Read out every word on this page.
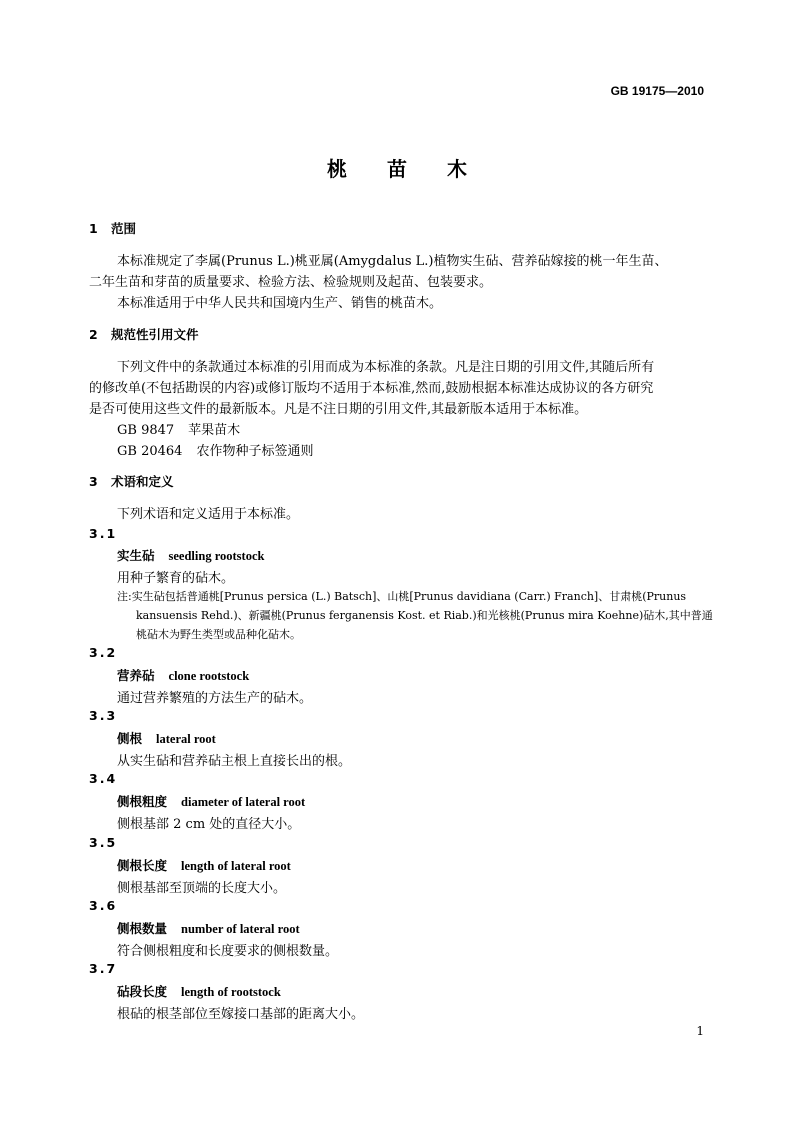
GB 19175—2010
桃苗木
1 范围
本标准规定了李属(Prunus L.)桃亚属(Amygdalus L.)植物实生砧、营养砧嫁接的桃一年生苗、
二年生苗和芽苗的质量要求、检验方法、检验规则及起苗、包装要求。
本标准适用于中华人民共和国境内生产、销售的桃苗木。
2 规范性引用文件
下列文件中的条款通过本标准的引用而成为本标准的条款。凡是注日期的引用文件,其随后所有
的修改单(不包括勘误的内容)或修订版均不适用于本标准,然而,鼓励根据本标准达成协议的各方研究
是否可使用这些文件的最新版本。凡是不注日期的引用文件,其最新版本适用于本标准。
GB 9847 苹果苗木
GB 20464 农作物种子标签通则
3 术语和定义
下列术语和定义适用于本标准。
3.1
实生砧 seedling rootstock
用种子繁育的砧木。
注:实生砧包括普通桃[Prunus persica (L.) Batsch]、山桃[Prunus davidiana (Carr.) Franch]、甘肃桃(Prunus
kansuensis Rehd.)、新疆桃(Prunus ferganensis Kost. et Riab.)和光核桃(Prunus mira Koehne)砧木,其中普通
桃砧木为野生类型或品种化砧木。
3.2
营养砧 clone rootstock
通过营养繁殖的方法生产的砧木。
3.3
侧根 lateral root
从实生砧和营养砧主根上直接长出的根。
3.4
侧根粗度 diameter of lateral root
侧根基部 2 cm 处的直径大小。
3.5
侧根长度 length of lateral root
侧根基部至顶端的长度大小。
3.6
侧根数量 number of lateral root
符合侧根粗度和长度要求的侧根数量。
3.7
砧段长度 length of rootstock
根砧的根茎部位至嫁接口基部的距离大小。
1
